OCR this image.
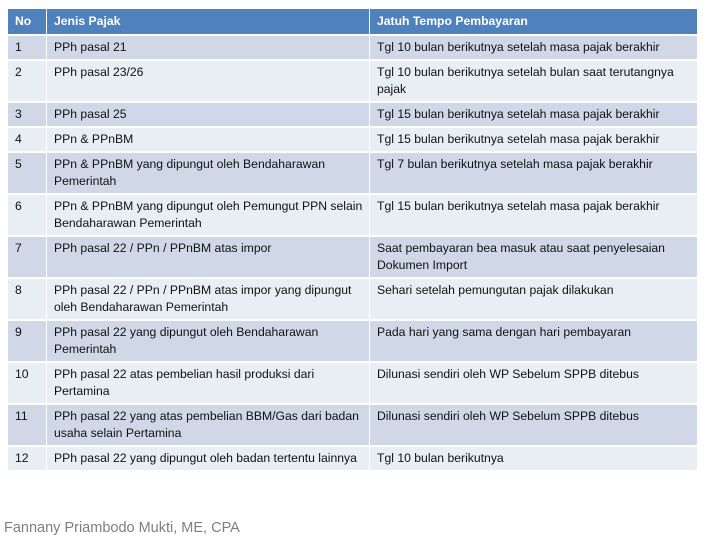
No	Jenis Pajak	Jatuh Tempo Pembayaran
1	PPh pasal 21	Tgl 10 bulan berikutnya setelah masa pajak berakhir
2	PPh pasal 23/26	Tgl 10 bulan berikutnya setelah bulan saat terutangnya pajak
3	PPh pasal 25	Tgl 15 bulan berikutnya setelah masa pajak berakhir
4	PPn & PPnBM	Tgl 15 bulan berikutnya setelah masa pajak berakhir
5	PPn & PPnBM yang dipungut oleh Bendaharawan Pemerintah	Tgl 7 bulan berikutnya setelah masa pajak berakhir
6	PPn & PPnBM yang dipungut oleh Pemungut PPN selain Bendaharawan Pemerintah	Tgl 15 bulan berikutnya setelah masa pajak berakhir
7	PPh pasal 22 / PPn / PPnBM atas impor	Saat pembayaran bea masuk atau saat penyelesaian Dokumen Import
8	PPh pasal 22 / PPn / PPnBM atas impor yang dipungut oleh Bendaharawan Pemerintah	Sehari setelah pemungutan pajak dilakukan
9	PPh pasal 22 yang dipungut oleh Bendaharawan Pemerintah	Pada hari yang sama dengan hari pembayaran
10	PPh pasal 22 atas pembelian hasil produksi dari Pertamina	Dilunasi sendiri oleh WP Sebelum SPPB ditebus
11	PPh pasal 22 yang atas pembelian BBM/Gas dari badan usaha selain Pertamina	Dilunasi sendiri oleh WP Sebelum SPPB ditebus
12	PPh pasal 22 yang dipungut oleh badan tertentu lainnya	Tgl 10 bulan berikutnya
Fannany Priambodo Mukti, ME, CPA
